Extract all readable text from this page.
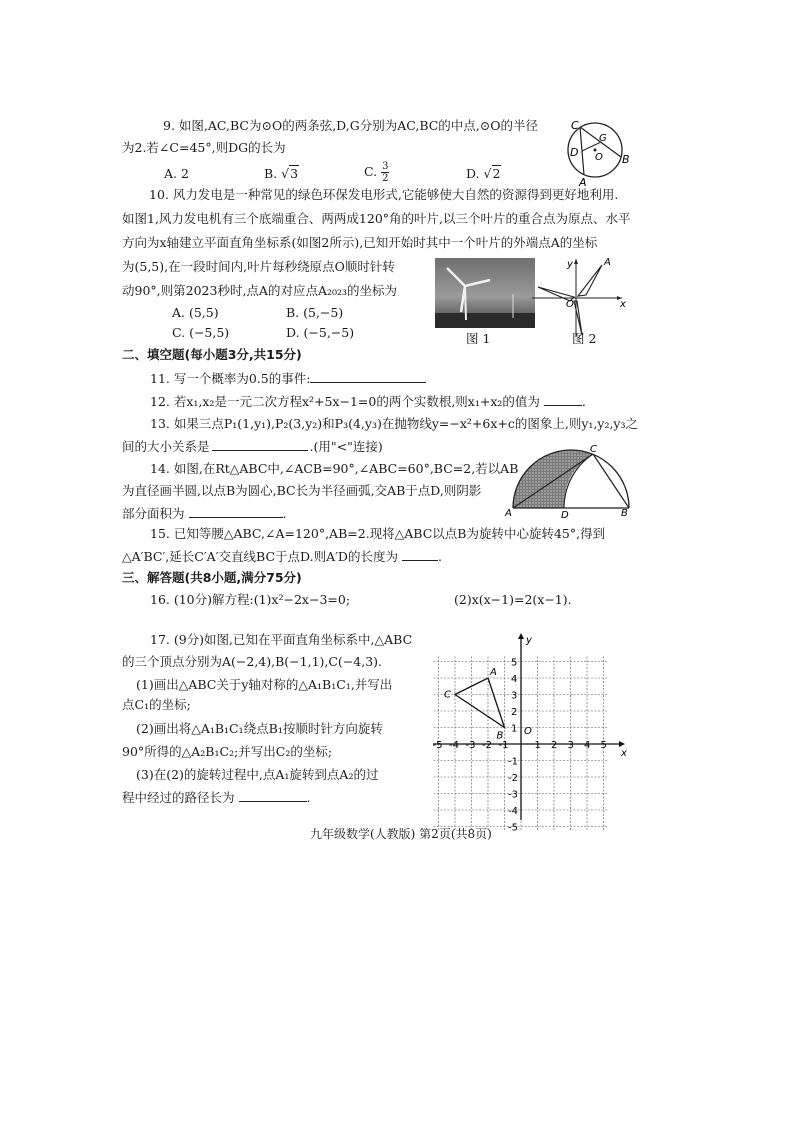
9. 如图,AC,BC为⊙O的两条弦,D,G分别为AC,BC的中点,⊙O的半径
为2.若∠C=45°,则DG的长为
A. 2	B. √3	C. $\frac{3}{2}$	D. √2
C
G
D O B
A
10. 风力发电是一种常见的绿色环保发电形式,它能够使大自然的资源得到更好地利用.
如图1,风力发电机有三个底端重合、两两成120°角的叶片,以三个叶片的重合点为原点、水平
方向为x轴建立平面直角坐标系(如图2所示),已知开始时其中一个叶片的外端点A的坐标
为(5,5),在一段时间内,叶片每秒绕原点O顺时针转
动90°,则第2023秒时,点A的对应点A₂₀₂₃的坐标为
A. (5,5)	B. (5,−5)
C. (−5,5)	D. (−5,−5)	图 1
y	A
O	x
图 2
二、填空题(每小题3分,共15分)
11. 写一个概率为0.5的事件:
12. 若x₁,x₂是一元二次方程x²+5x−1=0的两个实数根,则x₁+x₂的值为	.
13. 如果三点P₁(1,y₁),P₂(3,y₂)和P₃(4,y₃)在抛物线y=−x²+6x+c的图象上,则y₁,y₂,y₃之
间的大小关系是	.(用"<"连接)
14. 如图,在Rt△ABC中,∠ACB=90°,∠ABC=60°,BC=2,若以AB
为直径画半圆,以点B为圆心,BC长为半径画弧,交AB于点D,则阴影
部分面积为	.
C
A	D	B
15. 已知等腰△ABC,∠A=120°,AB=2.现将△ABC以点B为旋转中心旋转45°,得到
△A′BC′,延长C′A′交直线BC于点D.则A′D的长度为	.
三、解答题(共8小题,满分75分)
16. (10分)解方程:(1)x²−2x−3=0;	(2)x(x−1)=2(x−1).
17. (9分)如图,已知在平面直角坐标系中,△ABC
的三个顶点分别为A(−2,4),B(−1,1),C(−4,3).
(1)画出△ABC关于y轴对称的△A₁B₁C₁,并写出
点C₁的坐标;
(2)画出将△A₁B₁C₁绕点B₁按顺时针方向旋转
90°所得的△A₂B₁C₂;并写出C₂的坐标;
(3)在(2)的旋转过程中,点A₁旋转到点A₂的过
程中经过的路径长为	.
y
x
O
-5 -4 -3 -2 -1	1 2 3 4 5
5
4
3
2
1
-1
-2
-3
-4
-5
A
B
C
九年级数学(人教版) 第2页(共8页)
